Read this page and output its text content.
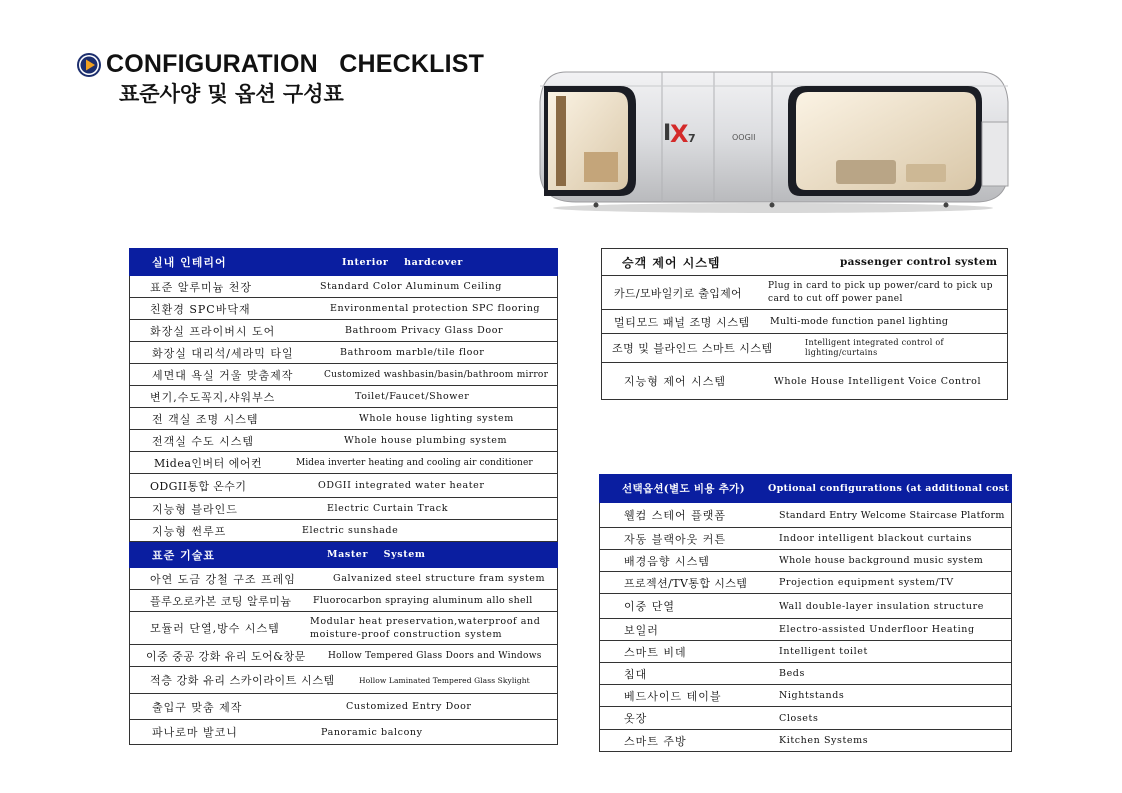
CONFIGURATION   CHECKLIST
표준사양 및 옵션 구성표
I
X 7	OOGII
실내 인테리어	Interior    hardcover

표준 알루미늄 천장	Standard Color Aluminum Ceiling

친환경 SPC바닥재	Environmental protection SPC flooring

화장실 프라이버시 도어	Bathroom Privacy Glass Door

화장실 대리석/세라믹 타일	Bathroom marble/tile floor

세면대 욕실 거울 맞춤제작	Customized washbasin/basin/bathroom mirror

변기,수도꼭지,샤워부스	Toilet/Faucet/Shower

전 객실 조명 시스템	Whole house lighting system

전객실 수도 시스템	Whole house plumbing system

Midea인버터 에어컨	Midea inverter heating and cooling air conditioner

ODGII통합 온수기	ODGII integrated water heater

지능형 블라인드	Electric Curtain Track

지능형 썬루프	Electric sunshade

표준 기술표	Master    System

아연 도금 강철 구조 프레임	Galvanized steel structure fram system

플루오로카본 코팅 알루미늄	Fluorocarbon spraying aluminum allo shell

모듈러 단열,방수 시스템
Modular heat preservation,waterproof and moisture-proof construction system

이중 중공 강화 유리 도어&창문	Hollow Tempered Glass Doors and Windows

적층 강화 유리 스카이라이트 시스템	Hollow Laminated Tempered Glass Skylight

출입구 맞춤 제작	Customized Entry Door

파나로마 발코니	Panoramic balcony
승객 제어 시스템	passenger control system

카드/모바일키로 출입제어
Plug in card to pick up power/card to pick up card to cut off power panel

멀티모드 패널 조명 시스템	Multi-mode function panel lighting

조명 및 블라인드 스마트 시스템	Intelligent integrated control of lighting/curtains

지능형 제어 시스템	Whole House Intelligent Voice Control
선택옵션(별도 비용 추가)	Optional configurations (at additional cost

웰컴 스테어 플랫폼	Standard Entry Welcome Staircase Platform

자동 블랙아웃 커튼	Indoor intelligent blackout curtains

배경음향 시스템	Whole house background music system

프로젝션/TV통합 시스템	Projection equipment system/TV

이중 단열	Wall double-layer insulation structure

보일러	Electro-assisted Underfloor Heating

스마트 비데	Intelligent toilet

침대	Beds

베드사이드 테이블	Nightstands

옷장	Closets

스마트 주방	Kitchen Systems
